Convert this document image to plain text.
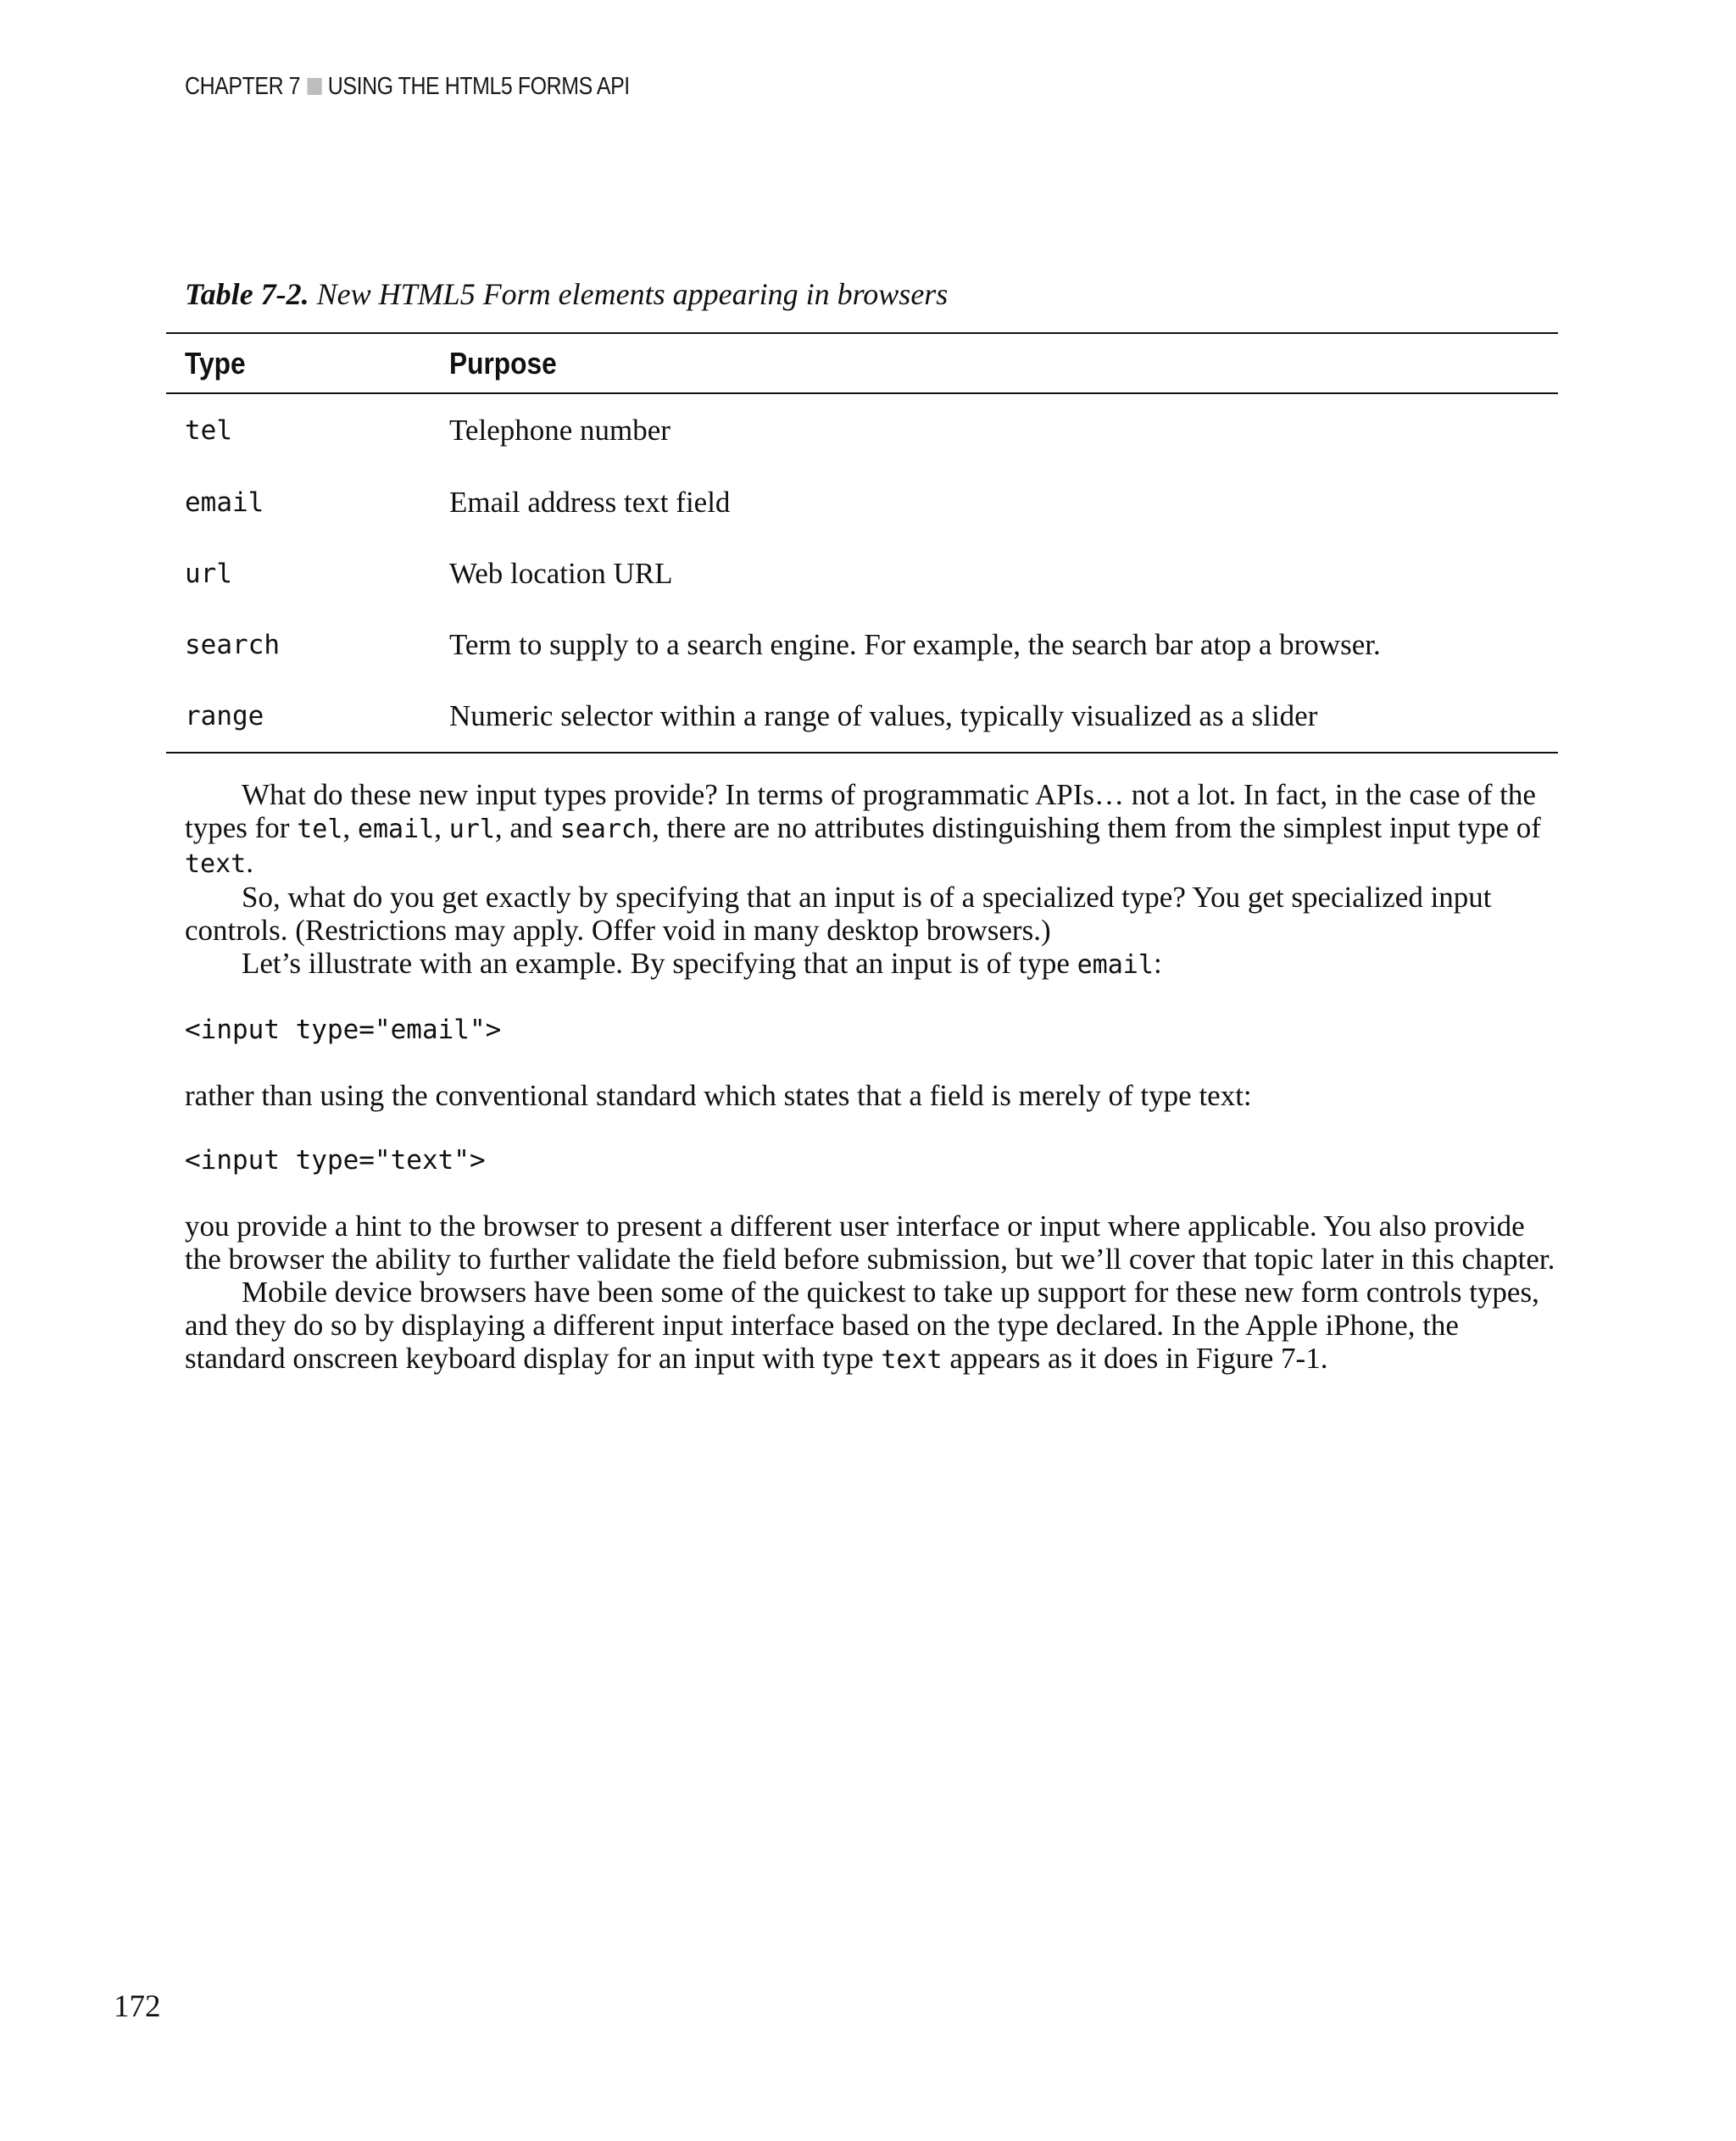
CHAPTER 7 USING THE HTML5 FORMS API
Table 7-2. New HTML5 Form elements appearing in browsers
Type	Purpose
tel	Telephone number
email	Email address text field
url	Web location URL
search	Term to supply to a search engine. For example, the search bar atop a browser.
range	Numeric selector within a range of values, typically visualized as a slider

What do these new input types provide? In terms of programmatic APIs… not a lot. In fact, in the case of the types for tel, email, url, and search, there are no attributes distinguishing them from the simplest input type of text.

So, what do you get exactly by specifying that an input is of a specialized type? You get specialized input controls. (Restrictions may apply. Offer void in many desktop browsers.)

Let’s illustrate with an example. By specifying that an input is of type email:

<input type="email">

rather than using the conventional standard which states that a field is merely of type text:

<input type="text">

you provide a hint to the browser to present a different user interface or input where applicable. You also provide the browser the ability to further validate the field before submission, but we’ll cover that topic later in this chapter.

Mobile device browsers have been some of the quickest to take up support for these new form controls types, and they do so by displaying a different input interface based on the type declared. In the Apple iPhone, the standard onscreen keyboard display for an input with type text appears as it does in Figure 7-1.

172
